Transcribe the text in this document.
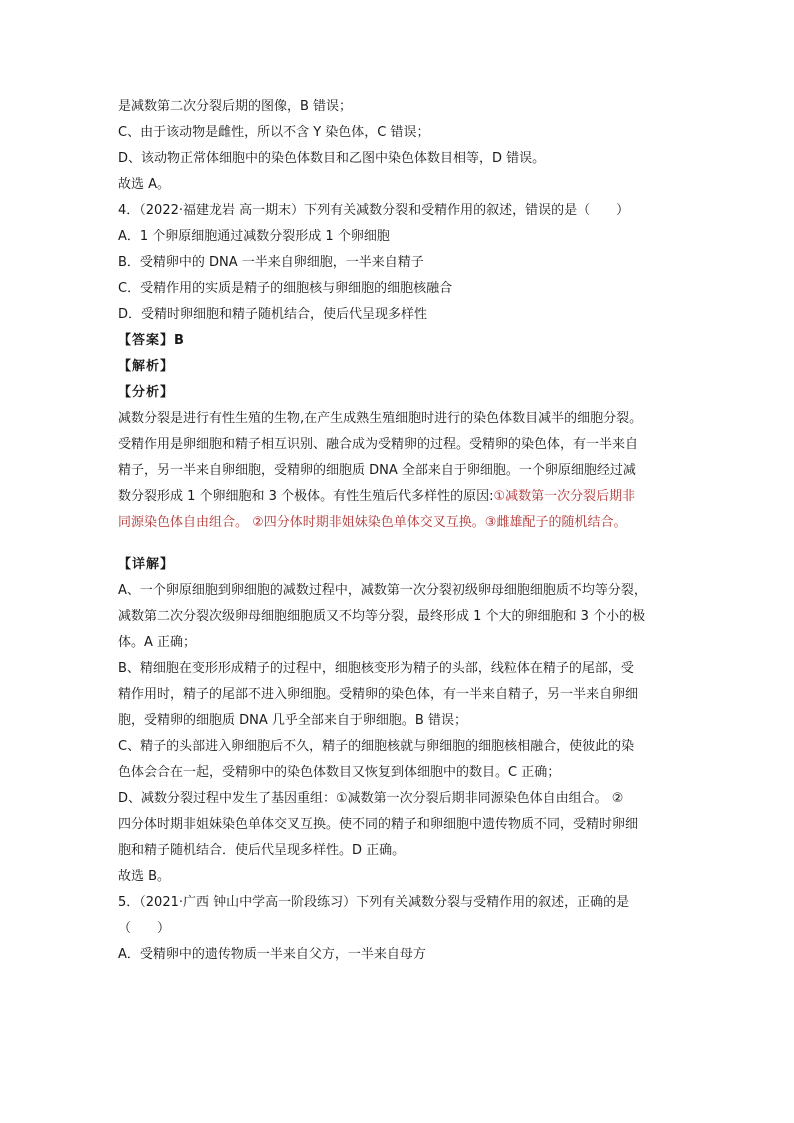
是减数第二次分裂后期的图像，B 错误；
C、由于该动物是雌性，所以不含 Y 染色体，C 错误；
D、该动物正常体细胞中的染色体数目和乙图中染色体数目相等，D 错误。
故选 A。
4．（2022·福建龙岩 高一期末）下列有关减数分裂和受精作用的叙述，错误的是（　　）
A．1 个卵原细胞通过减数分裂形成 1 个卵细胞
B．受精卵中的 DNA 一半来自卵细胞，一半来自精子
C．受精作用的实质是精子的细胞核与卵细胞的细胞核融合
D．受精时卵细胞和精子随机结合，使后代呈现多样性
【答案】B
【解析】
【分析】
减数分裂是进行有性生殖的生物,在产生成熟生殖细胞时进行的染色体数目减半的细胞分裂。
受精作用是卵细胞和精子相互识别、融合成为受精卵的过程。受精卵的染色体，有一半来自
精子，另一半来自卵细胞，受精卵的细胞质 DNA 全部来自于卵细胞。一个卵原细胞经过减
数分裂形成 1 个卵细胞和 3 个极体。有性生殖后代多样性的原因:①减数第一次分裂后期非
同源染色体自由组合。 ②四分体时期非姐妹染色单体交叉互换。③雌雄配子的随机结合。
【详解】
A、一个卵原细胞到卵细胞的减数过程中，减数第一次分裂初级卵母细胞细胞质不均等分裂，
减数第二次分裂次级卵母细胞细胞质又不均等分裂，最终形成 1 个大的卵细胞和 3 个小的极
体。A 正确；
B、精细胞在变形形成精子的过程中，细胞核变形为精子的头部，线粒体在精子的尾部，受
精作用时，精子的尾部不进入卵细胞。受精卵的染色体，有一半来自精子，另一半来自卵细
胞，受精卵的细胞质 DNA 几乎全部来自于卵细胞。B 错误；
C、精子的头部进入卵细胞后不久，精子的细胞核就与卵细胞的细胞核相融合，使彼此的染
色体会合在一起，受精卵中的染色体数目又恢复到体细胞中的数目。C 正确；
D、减数分裂过程中发生了基因重组：①减数第一次分裂后期非同源染色体自由组合。 ②
四分体时期非姐妹染色单体交叉互换。使不同的精子和卵细胞中遗传物质不同，受精时卵细
胞和精子随机结合．使后代呈现多样性。D 正确。
故选 B。
5．（2021·广西 钟山中学高一阶段练习）下列有关减数分裂与受精作用的叙述，正确的是
（　　）
A．受精卵中的遗传物质一半来自父方，一半来自母方
